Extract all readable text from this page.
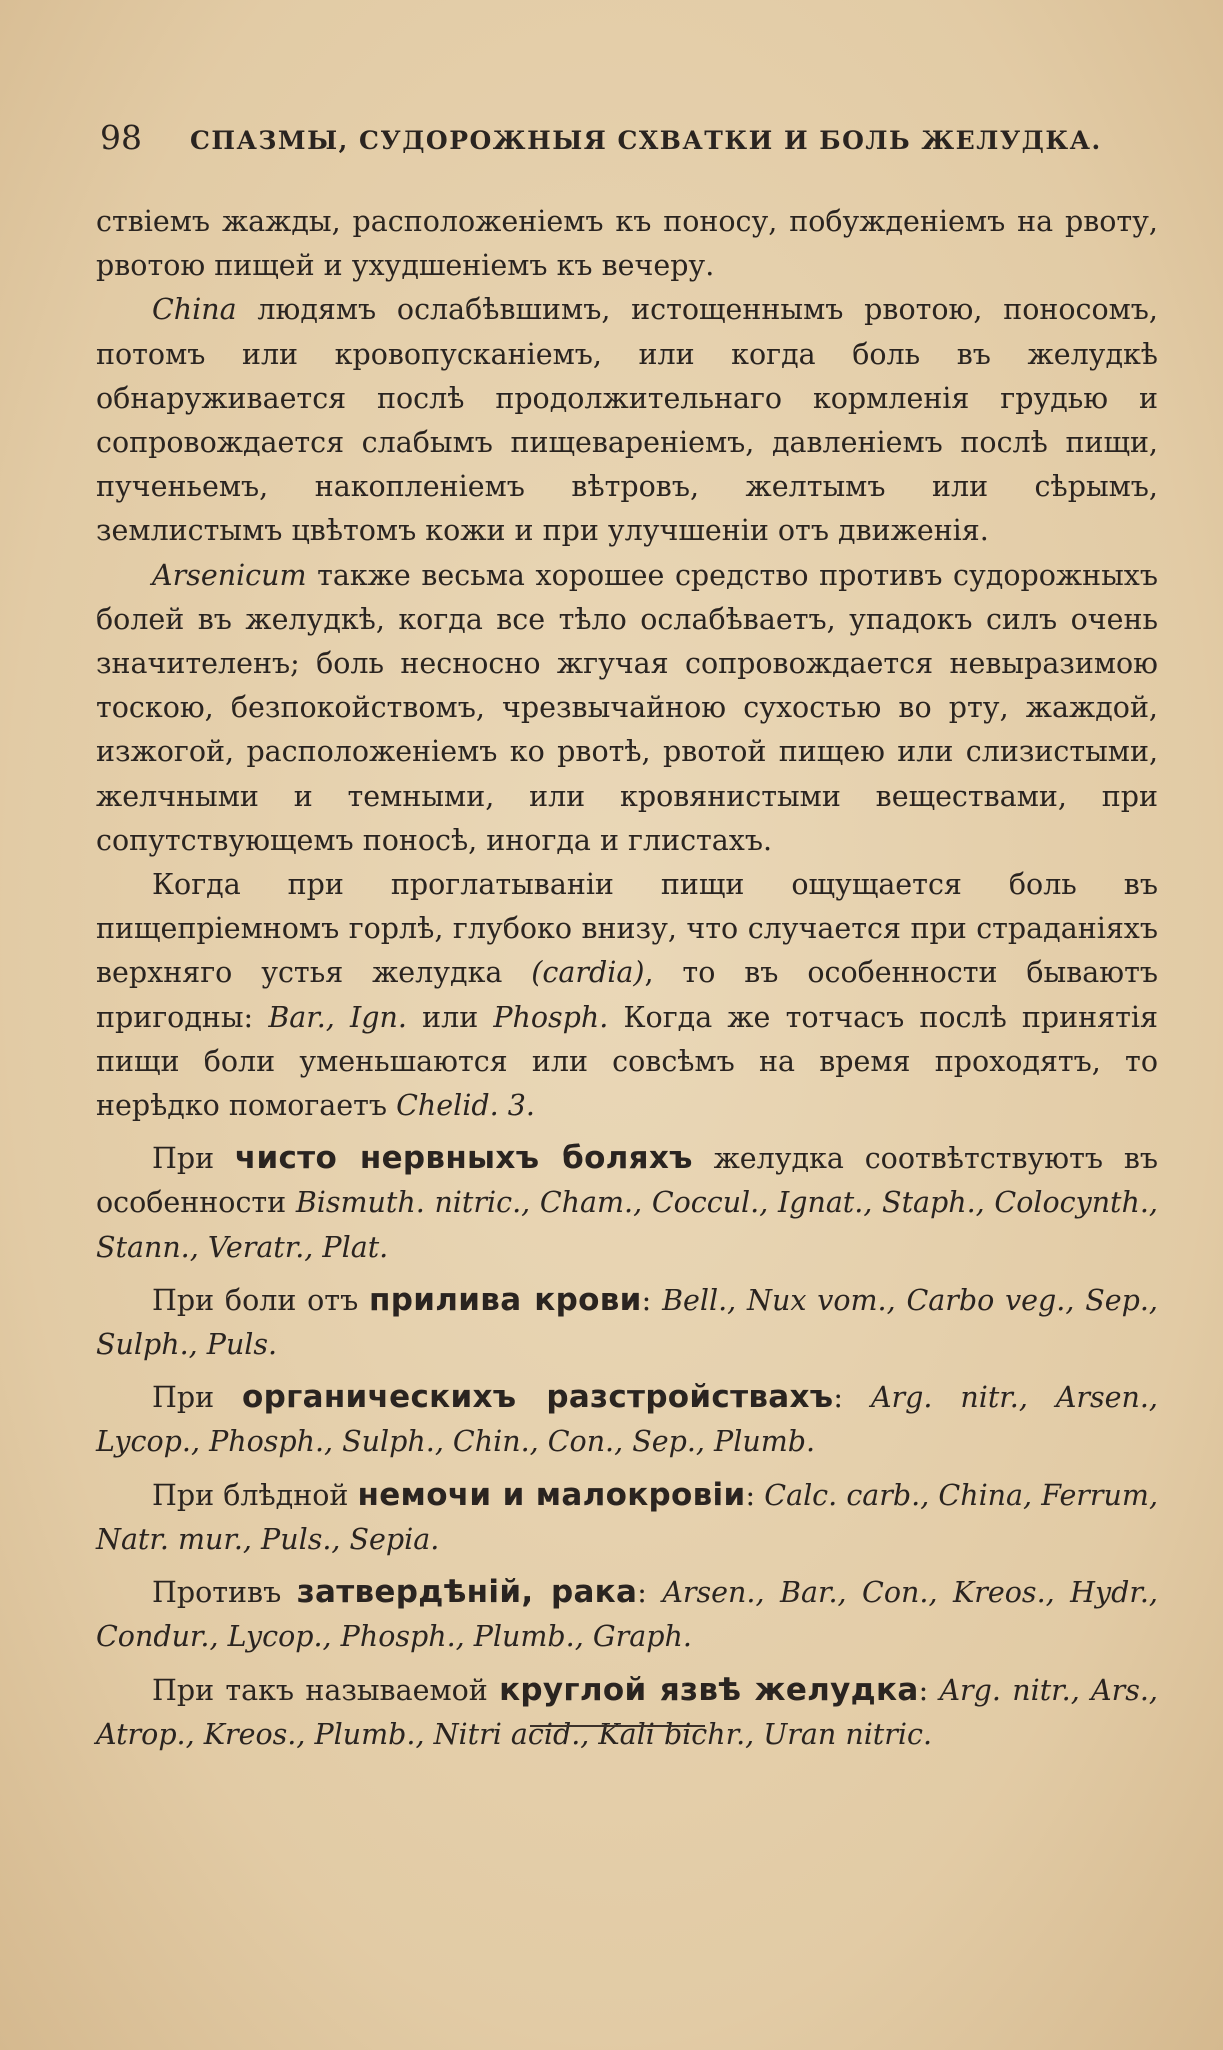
98 СПАЗМЫ, СУДОРОЖНЫЯ СХВАТКИ И БОЛЬ ЖЕЛУДКА.

ствiемъ жажды, расположенiемъ къ поносу, побужденiемъ на рвоту, рвотою пищей и ухудшенiемъ къ вечеру.

China людямъ ослабѣвшимъ, истощеннымъ рвотою, поносомъ, потомъ или кровопусканiемъ, или когда боль въ желудкѣ обнаруживается послѣ продолжительнаго кормленiя грудью и сопровождается слабымъ пищеваренiемъ, давленiемъ послѣ пищи, пученьемъ, накопленiемъ вѣтровъ, желтымъ или сѣрымъ, землистымъ цвѣтомъ кожи и при улучшенiи отъ движенiя.

Arsenicum также весьма хорошее средство противъ судорожныхъ болей въ желудкѣ, когда все тѣло ослабѣваетъ, упадокъ силъ очень значителенъ; боль несносно жгучая сопровождается невыразимою тоскою, безпокойствомъ, чрезвычайною сухостью во рту, жаждой, изжогой, расположенiемъ ко рвотѣ, рвотой пищею или слизистыми, желчными и темными, или кровянистыми веществами, при сопутствующемъ поносѣ, иногда и глистахъ.

Когда при проглатыванiи пищи ощущается боль въ пищепрiемномъ горлѣ, глубоко внизу, что случается при страданiяхъ верхняго устья желудка (cardia), то въ особенности бываютъ пригодны: Bar., Ign. или Phosph. Когда же тотчасъ послѣ принятiя пищи боли уменьшаются или совсѣмъ на время проходятъ, то нерѣдко помогаетъ Chelid. 3.

При чисто нервныхъ боляхъ желудка соотвѣтствуютъ въ особенности Bismuth. nitric., Cham., Coccul., Ignat., Staph., Colocynth., Stann., Veratr., Plat.

При боли отъ прилива крови: Bell., Nux vom., Carbo veg., Sep., Sulph., Puls.

При органическихъ разстройствахъ: Arg. nitr., Arsen., Lycop., Phosph., Sulph., Chin., Con., Sep., Plumb.

При блѣдной немочи и малокровiи: Calc. carb., China, Ferrum, Natr. mur., Puls., Sepia.

Противъ затвердѣнiй, рака: Arsen., Bar., Con., Kreos., Hydr., Condur., Lycop., Phosph., Plumb., Graph.

При такъ называемой круглой язвѣ желудка: Arg. nitr., Ars., Atrop., Kreos., Plumb., Nitri acid., Kali bichr., Uran nitric.
